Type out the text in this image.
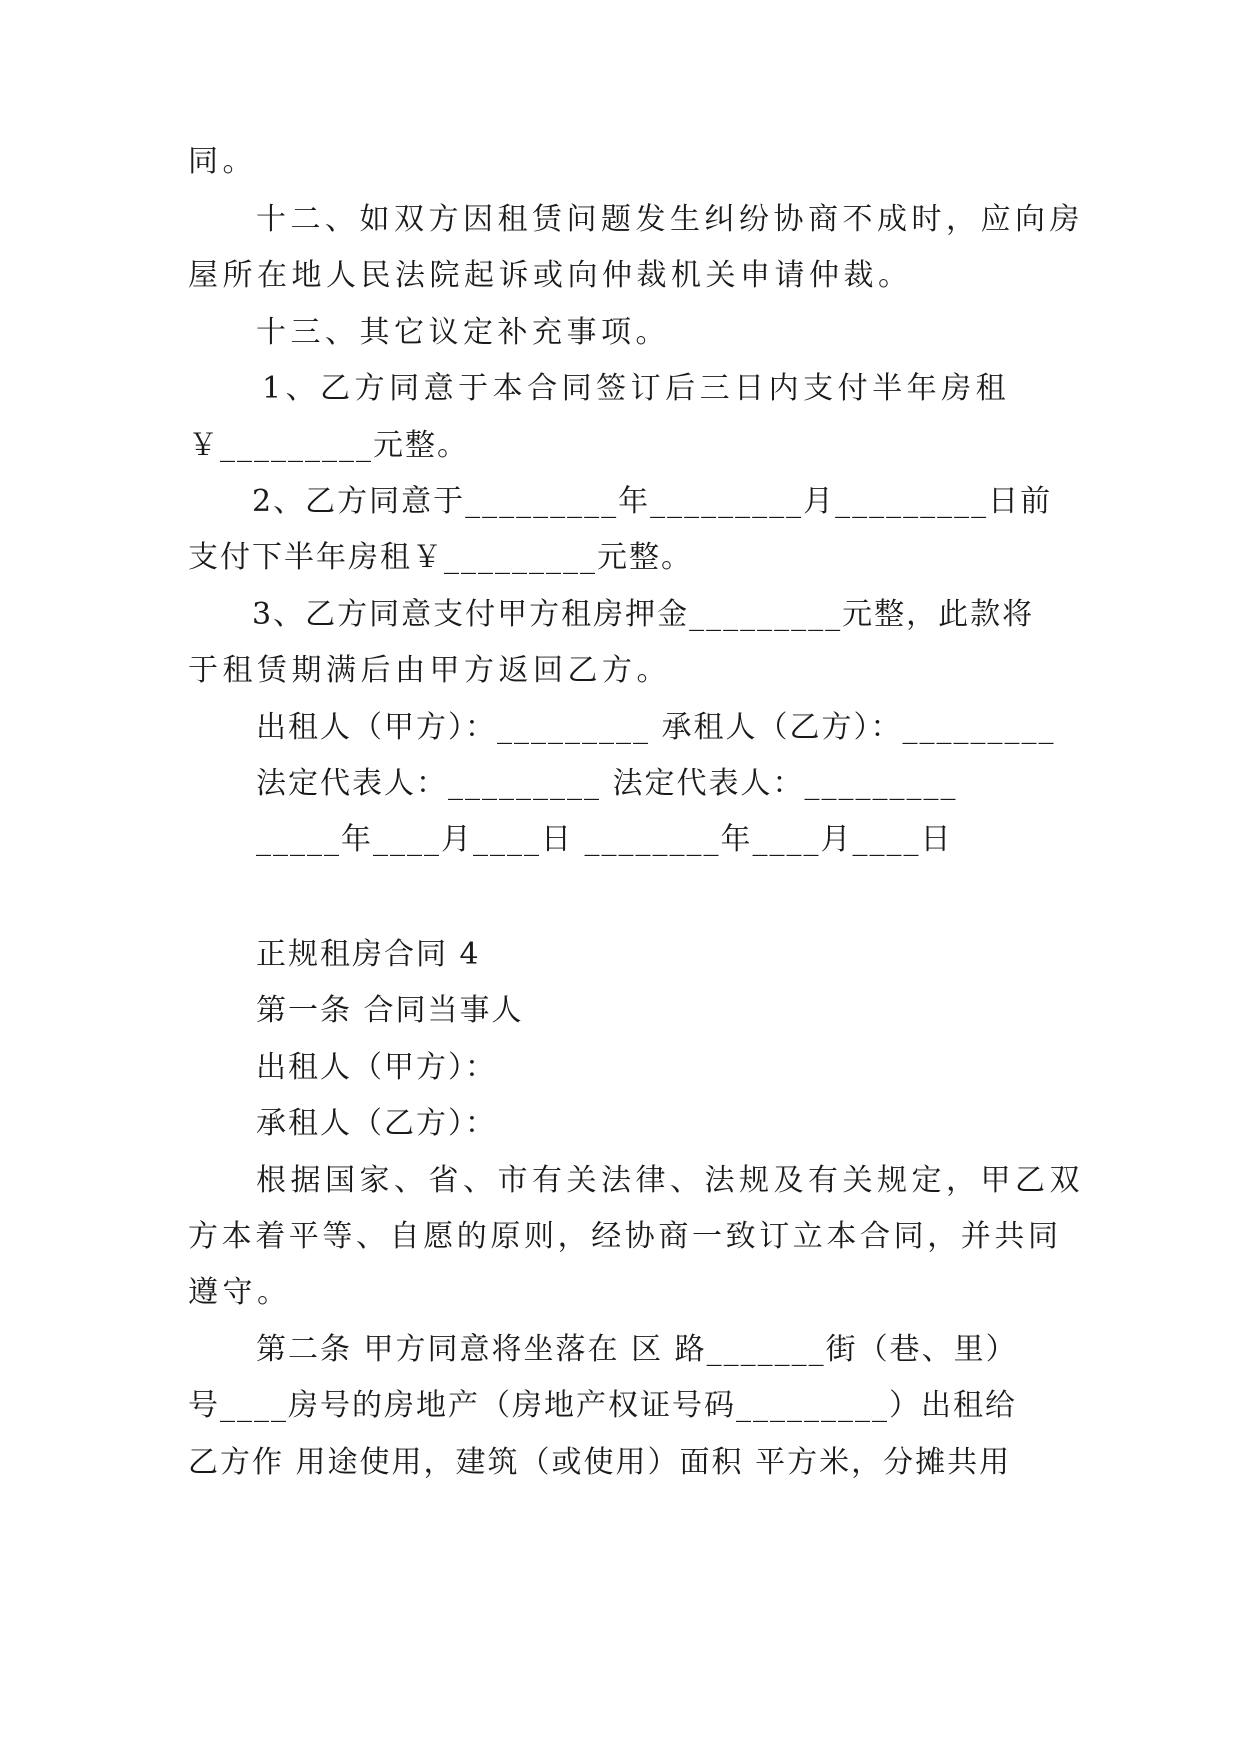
同。
十二、如双方因租赁问题发生纠纷协商不成时，应向房
屋所在地人民法院起诉或向仲裁机关申请仲裁。
十三、其它议定补充事项。
1、乙方同意于本合同签订后三日内支付半年房租
￥_________元整。
2、乙方同意于_________年_________月_________日前
支付下半年房租￥_________元整。
3、乙方同意支付甲方租房押金_________元整，此款将
于租赁期满后由甲方返回乙方。
出租人（甲方）：_________ 承租人（乙方）：_________
法定代表人：_________ 法定代表人：_________
_____年____月____日 ________年____月____日
正规租房合同 4
第一条 合同当事人
出租人（甲方）：
承租人（乙方）：
根据国家、省、市有关法律、法规及有关规定，甲乙双
方本着平等、自愿的原则，经协商一致订立本合同，并共同
遵守。
第二条 甲方同意将坐落在 区 路_______街（巷、里）
号____房号的房地产（房地产权证号码_________）出租给
乙方作 用途使用，建筑（或使用）面积 平方米，分摊共用
